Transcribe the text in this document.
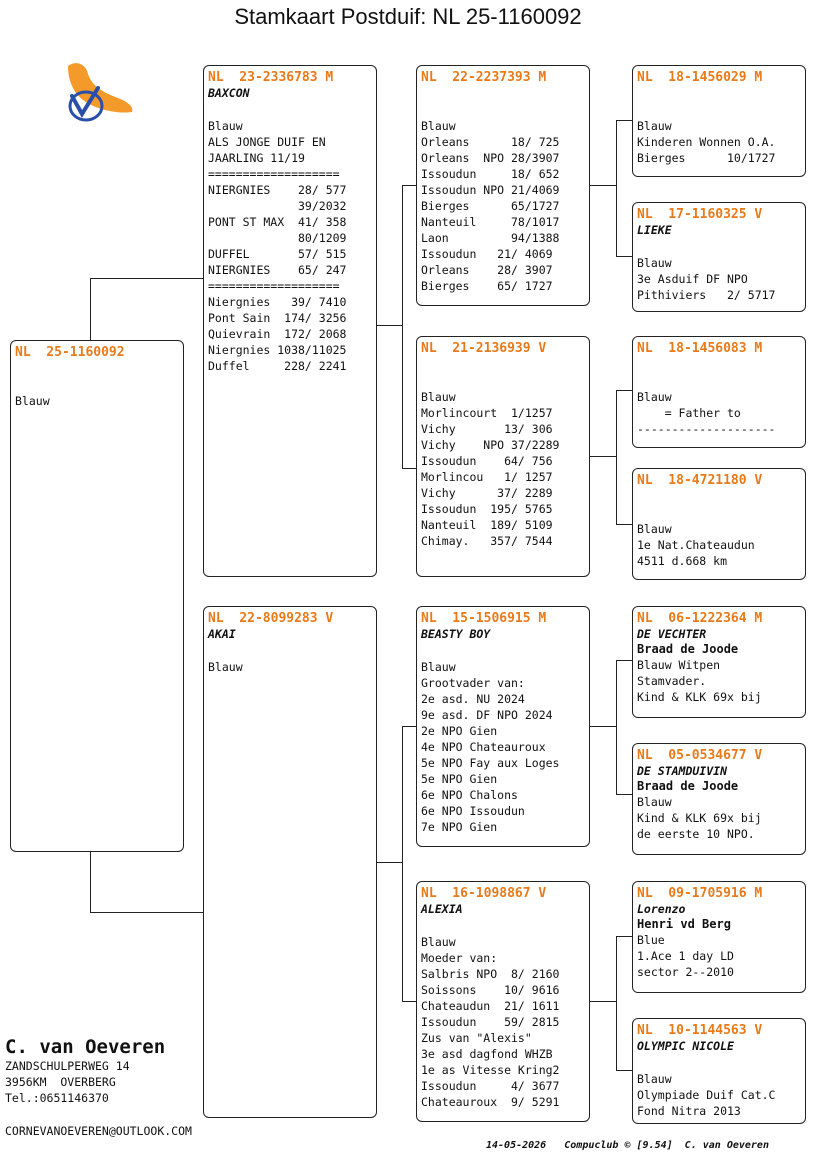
Stamkaart Postduif: NL 25-1160092
NL  25-1160092
Blauw
NL  23-2336783 M
BAXCON
Blauw
ALS JONGE DUIF EN
JAARLING 11/19
===================
NIERGNIES    28/ 577
39/2032
PONT ST MAX  41/ 358
80/1209
DUFFEL       57/ 515
NIERGNIES    65/ 247
===================
Niergnies   39/ 7410
Pont Sain  174/ 3256
Quievrain  172/ 2068
Niergnies 1038/11025
Duffel     228/ 2241
NL  22-8099283 V
AKAI
Blauw
NL  22-2237393 M
Blauw
Orleans      18/ 725
Orleans  NPO 28/3907
Issoudun     18/ 652
Issoudun NPO 21/4069
Bierges      65/1727
Nanteuil     78/1017
Laon         94/1388
Issoudun   21/ 4069
Orleans    28/ 3907
Bierges    65/ 1727
NL  21-2136939 V
Blauw
Morlincourt  1/1257
Vichy       13/ 306
Vichy    NPO 37/2289
Issoudun    64/ 756
Morlincou   1/ 1257
Vichy      37/ 2289
Issoudun  195/ 5765
Nanteuil  189/ 5109
Chimay.   357/ 7544
NL  15-1506915 M
BEASTY BOY
Blauw
Grootvader van:
2e asd. NU 2024
9e asd. DF NPO 2024
2e NPO Gien
4e NPO Chateauroux
5e NPO Fay aux Loges
5e NPO Gien
6e NPO Chalons
6e NPO Issoudun
7e NPO Gien
NL  16-1098867 V
ALEXIA
Blauw
Moeder van:
Salbris NPO  8/ 2160
Soissons    10/ 9616
Chateaudun  21/ 1611
Issoudun    59/ 2815
Zus van "Alexis"
3e asd dagfond WHZB
1e as Vitesse Kring2
Issoudun     4/ 3677
Chateauroux  9/ 5291
NL  18-1456029 M
Blauw
Kinderen Wonnen O.A.
Bierges      10/1727
NL  17-1160325 V
LIEKE
Blauw
3e Asduif DF NPO
Pithiviers   2/ 5717
NL  18-1456083 M
Blauw
= Father to
--------------------
NL  18-4721180 V
Blauw
1e Nat.Chateaudun
4511 d.668 km
NL  06-1222364 M
DE VECHTER
Braad de Joode
Blauw Witpen
Stamvader.
Kind & KLK 69x bij
NL  05-0534677 V
DE STAMDUIVIN
Braad de Joode
Blauw
Kind & KLK 69x bij
de eerste 10 NPO.
NL  09-1705916 M
Lorenzo
Henri vd Berg
Blue
1.Ace 1 day LD
sector 2--2010
NL  10-1144563 V
OLYMPIC NICOLE
Blauw
Olympiade Duif Cat.C
Fond Nitra 2013
C. van Oeveren
ZANDSCHULPERWEG 14
3956KM  OVERBERG
Tel.:0651146370
CORNEVANOEVEREN@OUTLOOK.COM
14-05-2026   Compuclub © [9.54]  C. van Oeveren
